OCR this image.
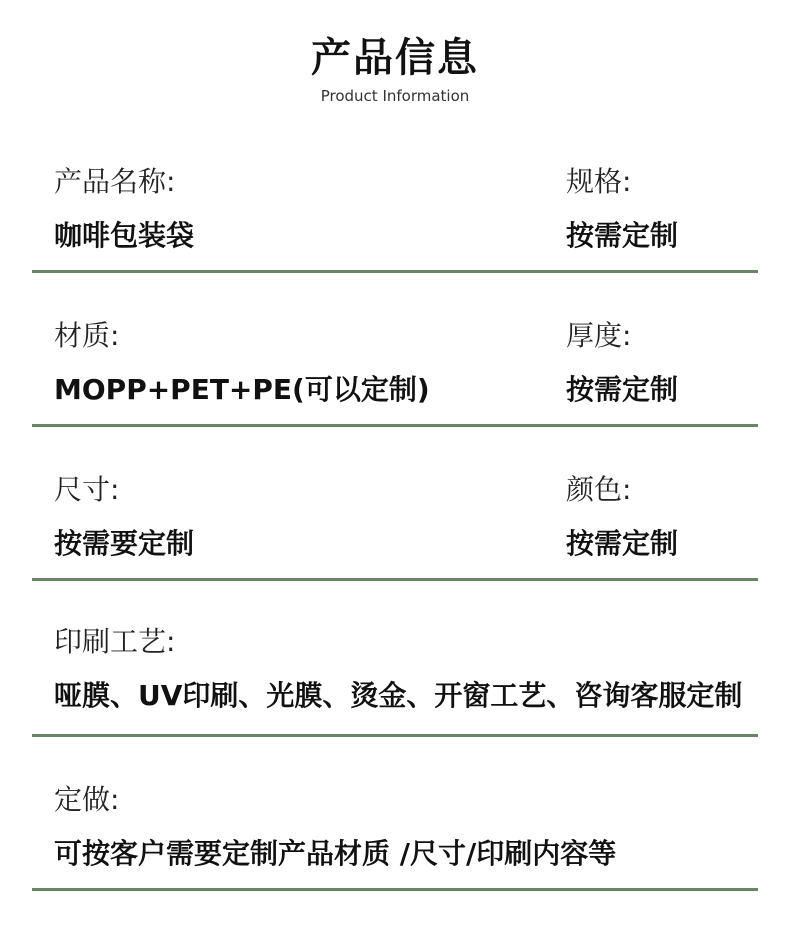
产品信息
Product Information
产品名称:
咖啡包装袋
规格:
按需定制
材质:
MOPP+PET+PE(可以定制)
厚度:
按需定制
尺寸:
按需要定制
颜色:
按需定制
印刷工艺:
哑膜、UV印刷、光膜、烫金、开窗工艺、咨询客服定制
定做:
可按客户需要定制产品材质 /尺寸/印刷内容等
